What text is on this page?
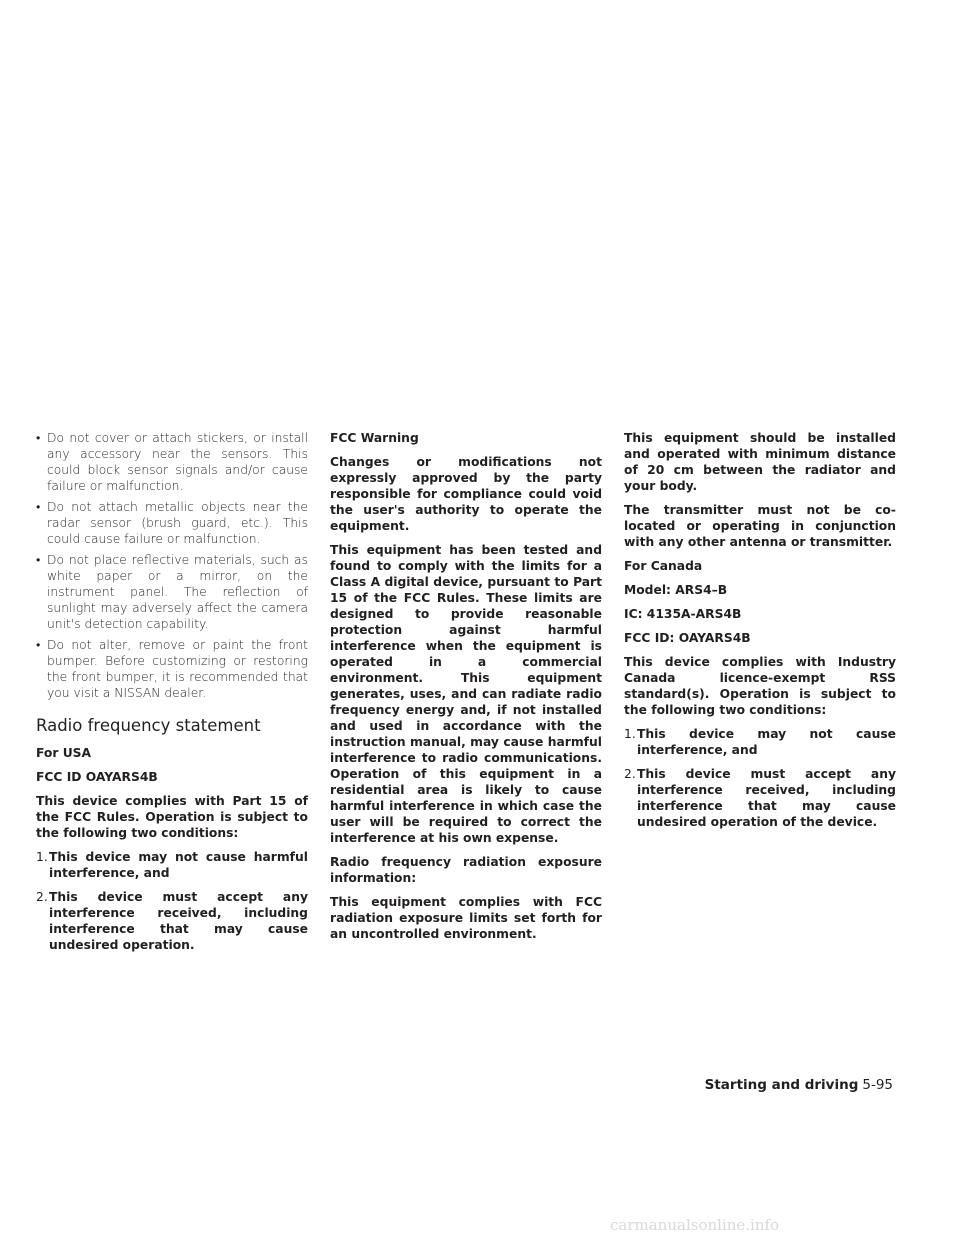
• Do not cover or attach stickers, or install any accessory near the sensors. This could block sensor signals and/or cause failure or malfunction.
• Do not attach metallic objects near the radar sensor (brush guard, etc.). This could cause failure or malfunction.
• Do not place reflective materials, such as white paper or a mirror, on the instrument panel. The reflection of sunlight may adversely affect the camera unit's detection capability.
• Do not alter, remove or paint the front bumper. Before customizing or restoring the front bumper, it is recommended that you visit a NISSAN dealer.
Radio frequency statement

For USA

FCC ID OAYARS4B

This device complies with Part 15 of the FCC Rules. Operation is subject to the following two conditions:

1. This device may not cause harmful interference, and
2. This device must accept any interference received, including interference that may cause undesired operation.

FCC Warning

Changes or modifications not expressly approved by the party responsible for compliance could void the user's authority to operate the equipment.

This equipment has been tested and found to comply with the limits for a Class A digital device, pursuant to Part 15 of the FCC Rules. These limits are designed to provide reasonable protection against harmful interference when the equipment is operated in a commercial environment. This equipment generates, uses, and can radiate radio frequency energy and, if not installed and used in accordance with the instruction manual, may cause harmful interference to radio communications. Operation of this equipment in a residential area is likely to cause harmful interference in which case the user will be required to correct the interference at his own expense.

Radio frequency radiation exposure information:

This equipment complies with FCC radiation exposure limits set forth for an uncontrolled environment.

This equipment should be installed and operated with minimum distance of 20 cm between the radiator and your body.

The transmitter must not be co-located or operating in conjunction with any other antenna or transmitter.

For Canada

Model: ARS4–B

IC: 4135A-ARS4B

FCC ID: OAYARS4B

This device complies with Industry Canada licence-exempt RSS standard(s). Operation is subject to the following two conditions:

1. This device may not cause interference, and
2. This device must accept any interference received, including interference that may cause undesired operation of the device.
Starting and driving 5-95
carmanualsonline.info
